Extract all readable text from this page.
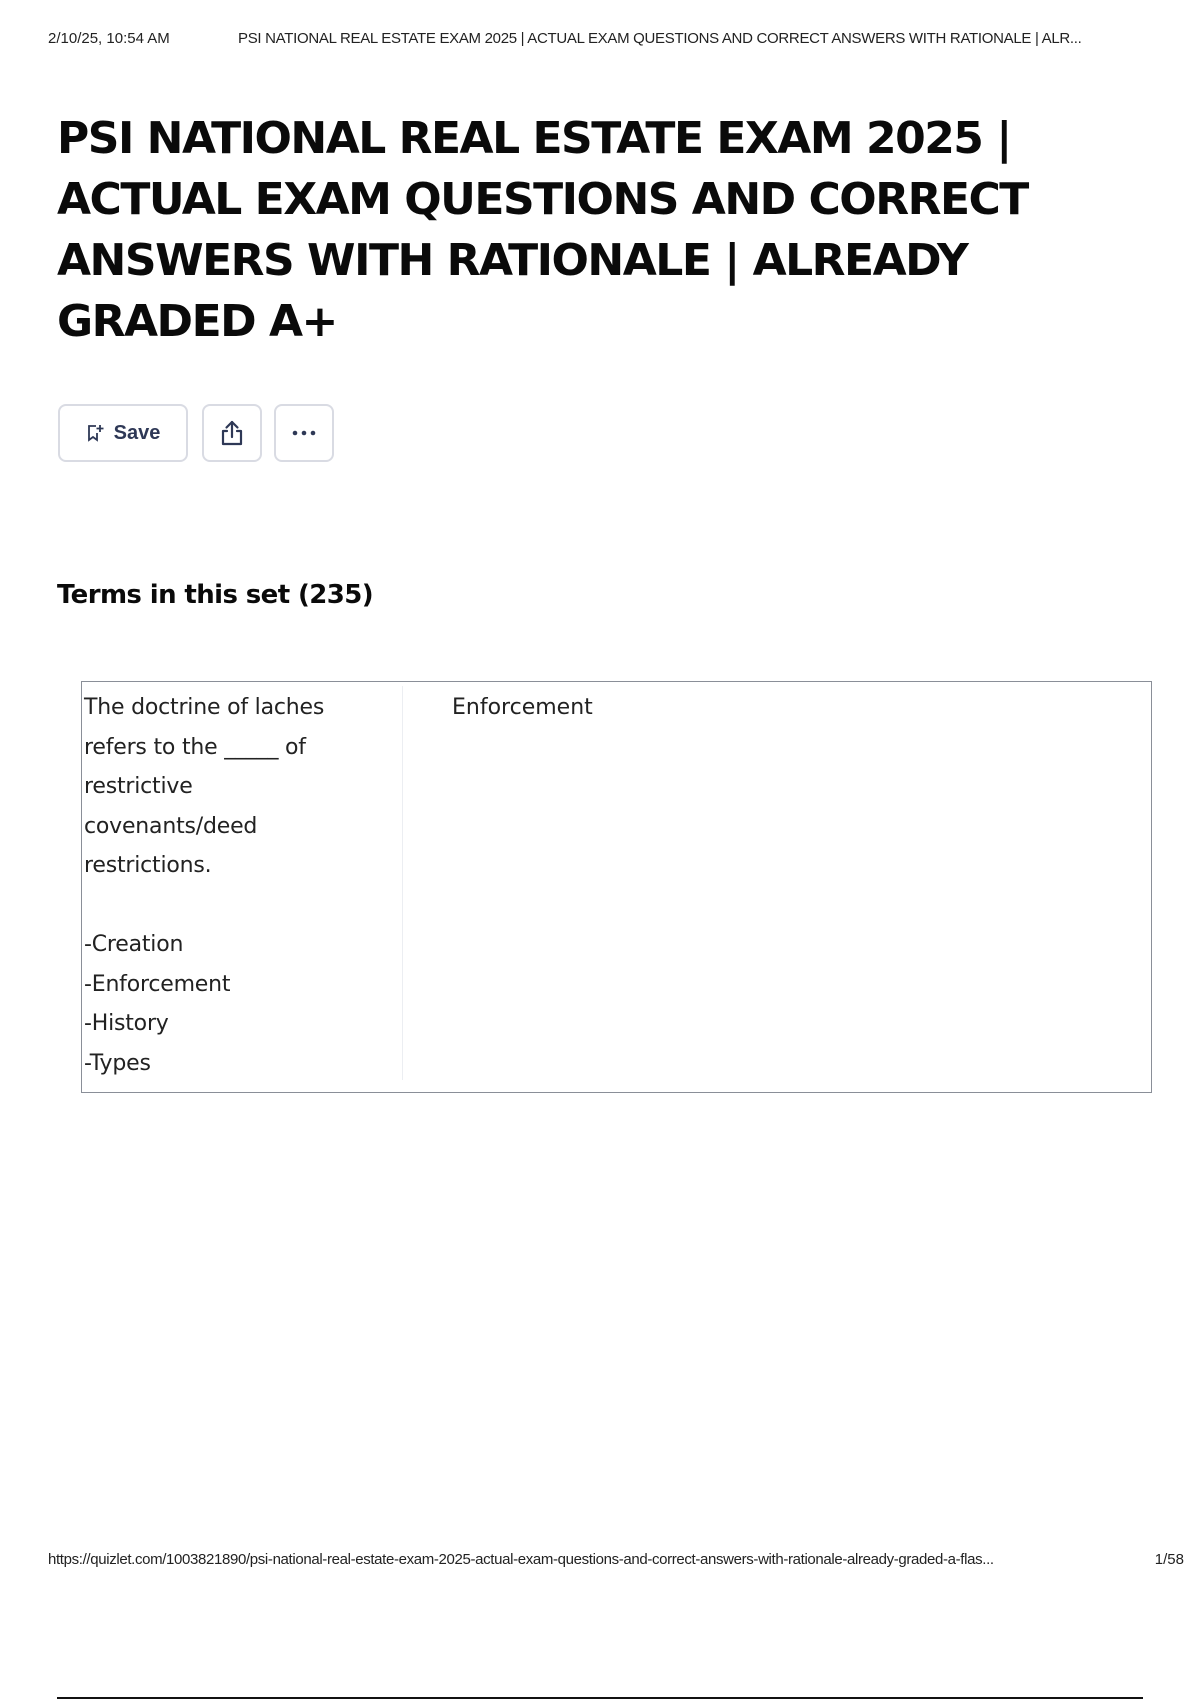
2/10/25, 10:54 AM	PSI NATIONAL REAL ESTATE EXAM 2025 | ACTUAL EXAM QUESTIONS AND CORRECT ANSWERS WITH RATIONALE | ALR...
PSI NATIONAL REAL ESTATE EXAM 2025 | ACTUAL EXAM QUESTIONS AND CORRECT ANSWERS WITH RATIONALE | ALREADY GRADED A+
Save
Terms in this set (235)
The doctrine of laches
refers to the _____ of
restrictive
covenants/deed
restrictions.

-Creation
-Enforcement
-History
-Types
Enforcement
https://quizlet.com/1003821890/psi-national-real-estate-exam-2025-actual-exam-questions-and-correct-answers-with-rationale-already-graded-a-flas...	1/58
